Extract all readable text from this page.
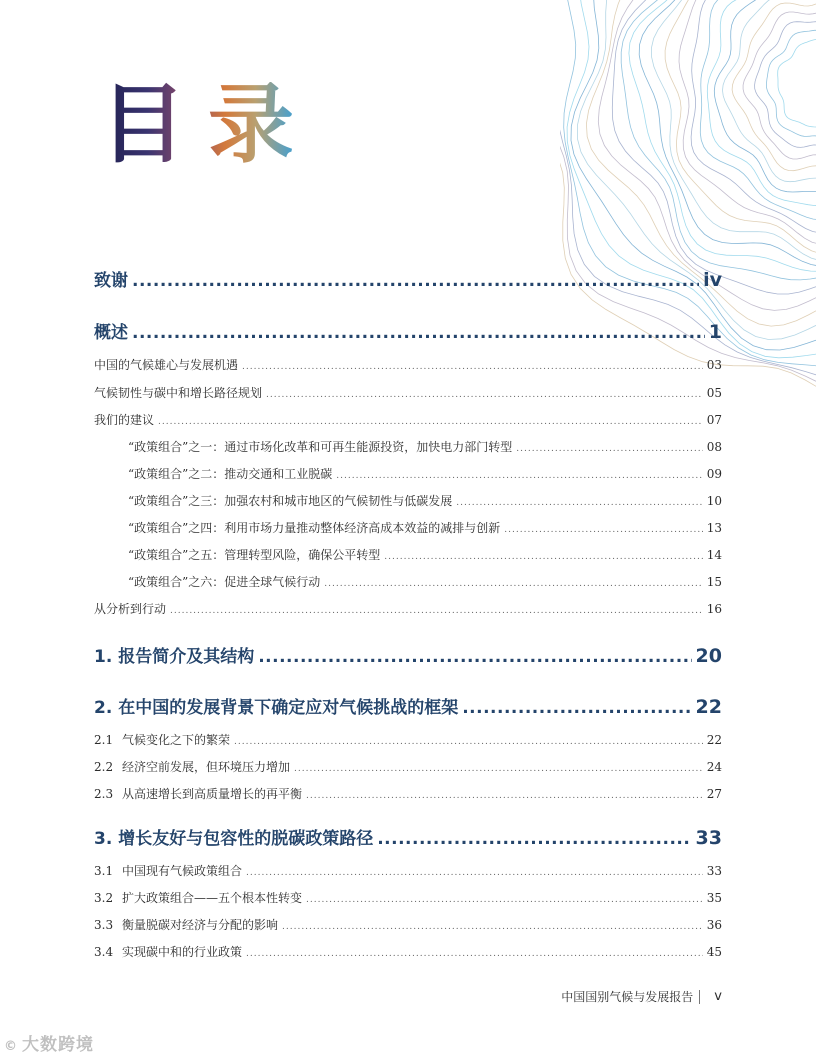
目录
致谢 .....	iv
概述 .....	1
中国的气候雄心与发展机遇 .....	03
气候韧性与碳中和增长路径规划 .....	05
我们的建议 .....	07
“政策组合”之一：通过市场化改革和可再生能源投资，加快电力部门转型 .....	08
“政策组合”之二：推动交通和工业脱碳 .....	09
“政策组合”之三：加强农村和城市地区的气候韧性与低碳发展 .....	10
“政策组合”之四：利用市场力量推动整体经济高成本效益的减排与创新 .....	13
“政策组合”之五：管理转型风险，确保公平转型 .....	14
“政策组合”之六：促进全球气候行动 .....	15
从分析到行动 .....	16
1. 报告简介及其结构 .....	20
2. 在中国的发展背景下确定应对气候挑战的框架 .....	22
2.1 气候变化之下的繁荣 .....	22
2.2 经济空前发展，但环境压力增加 .....	24
2.3 从高速增长到高质量增长的再平衡 .....	27
3. 增长友好与包容性的脱碳政策路径 .....	33
3.1 中国现有气候政策组合 .....	33
3.2 扩大政策组合——五个根本性转变 .....	35
3.3 衡量脱碳对经济与分配的影响 .....	36
3.4 实现碳中和的行业政策 .....	45
中国国别气候与发展报告 v
© 大数跨境
